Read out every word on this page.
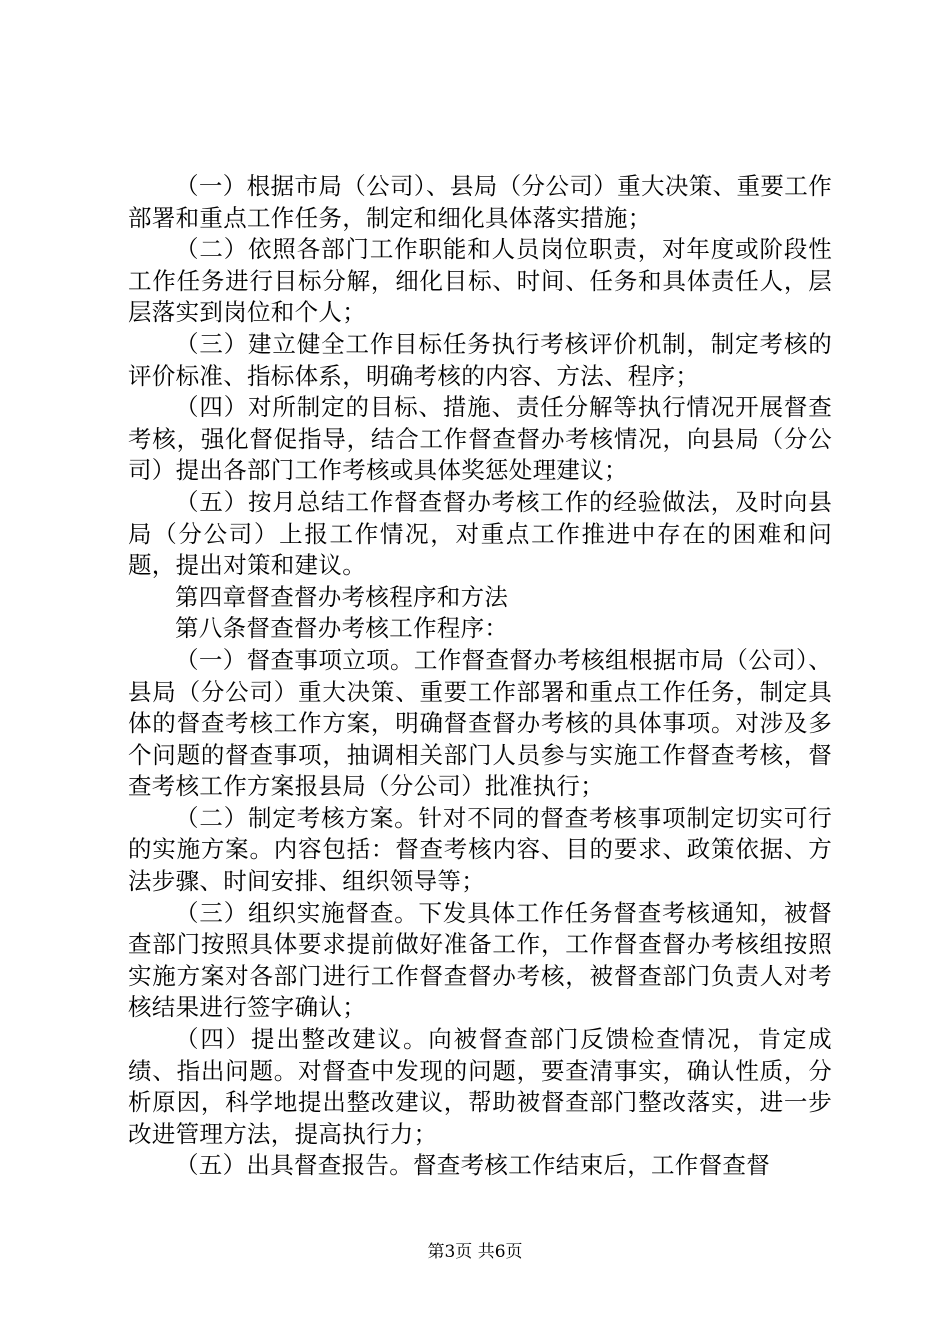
（一）根据市局（公司）、县局（分公司）重大决策、重要工作部署和重点工作任务，制定和细化具体落实措施；

（二）依照各部门工作职能和人员岗位职责，对年度或阶段性工作任务进行目标分解，细化目标、时间、任务和具体责任人，层层落实到岗位和个人；

（三）建立健全工作目标任务执行考核评价机制，制定考核的评价标准、指标体系，明确考核的内容、方法、程序；

（四）对所制定的目标、措施、责任分解等执行情况开展督查考核，强化督促指导，结合工作督查督办考核情况，向县局（分公司）提出各部门工作考核或具体奖惩处理建议；

（五）按月总结工作督查督办考核工作的经验做法，及时向县局（分公司）上报工作情况，对重点工作推进中存在的困难和问题，提出对策和建议。

第四章督查督办考核程序和方法

第八条督查督办考核工作程序：

（一）督查事项立项。工作督查督办考核组根据市局（公司）、县局（分公司）重大决策、重要工作部署和重点工作任务，制定具体的督查考核工作方案，明确督查督办考核的具体事项。对涉及多个问题的督查事项，抽调相关部门人员参与实施工作督查考核，督查考核工作方案报县局（分公司）批准执行；

（二）制定考核方案。针对不同的督查考核事项制定切实可行的实施方案。内容包括：督查考核内容、目的要求、政策依据、方法步骤、时间安排、组织领导等；

（三）组织实施督查。下发具体工作任务督查考核通知，被督查部门按照具体要求提前做好准备工作，工作督查督办考核组按照实施方案对各部门进行工作督查督办考核，被督查部门负责人对考核结果进行签字确认；

（四）提出整改建议。向被督查部门反馈检查情况，肯定成绩、指出问题。对督查中发现的问题，要查清事实，确认性质，分析原因，科学地提出整改建议，帮助被督查部门整改落实，进一步改进管理方法，提高执行力；

（五）出具督查报告。督查考核工作结束后，工作督查督

第3页 共6页
